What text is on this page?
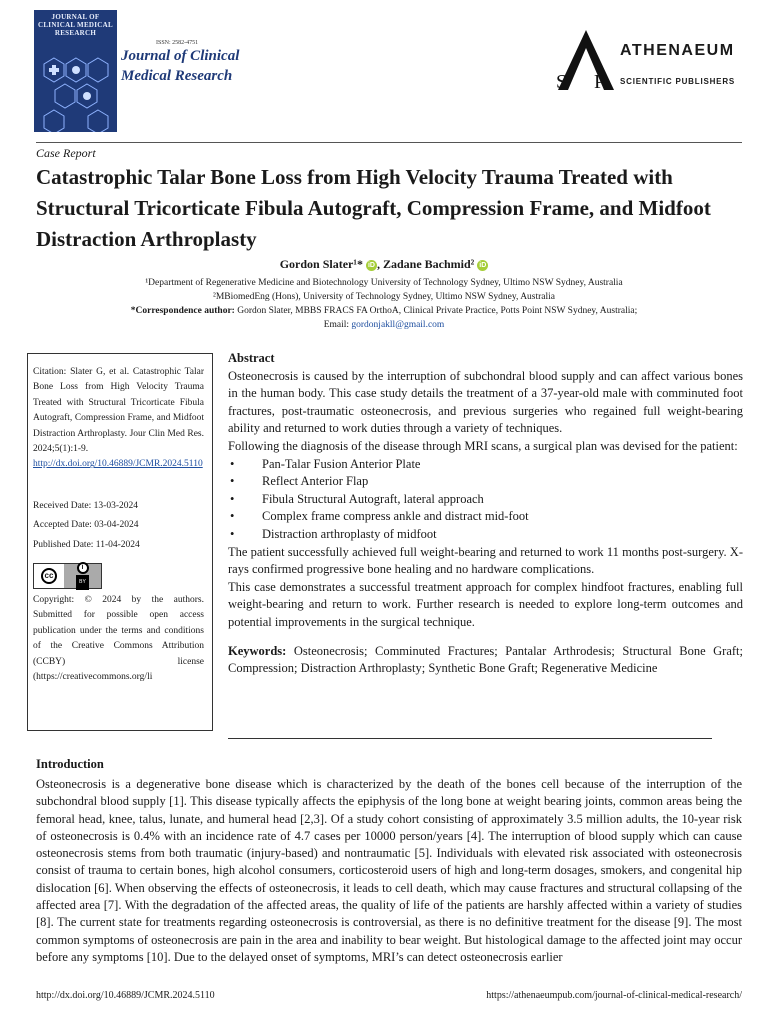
JOURNAL OF CLINICAL MEDICAL RESEARCH
ISSN: 2582-4751
Journal of Clinical
Medical Research	S P
ATHENAEUM
SCIENTIFIC PUBLISHERS
Case Report
Catastrophic Talar Bone Loss from High Velocity Trauma Treated with Structural Tricorticate Fibula Autograft, Compression Frame, and Midfoot Distraction Arthroplasty
Gordon Slater¹* iD , Zadane Bachmid² iD
¹Department of Regenerative Medicine and Biotechnology University of Technology Sydney, Ultimo NSW Sydney, Australia
²MBiomedEng (Hons), University of Technology Sydney, Ultimo NSW Sydney, Australia
*Correspondence author: Gordon Slater, MBBS FRACS FA OrthoA, Clinical Private Practice, Potts Point NSW Sydney, Australia;
Email: gordonjakll@gmail.com
Citation: Slater G, et al. Catastrophic Talar Bone Loss from High Velocity Trauma Treated with Structural Tricorticate Fibula Autograft, Compression Frame, and Midfoot Distraction Arthroplasty. Jour Clin Med Res. 2024;5(1):1-9.
http://dx.doi.org/10.46889/JCMR.2024.5110
Received Date: 13-03-2024
Accepted Date: 03-04-2024
Published Date: 11-04-2024
cc
i
BY
Copyright: © 2024 by the authors. Submitted for possible open access publication under the terms and conditions of the Creative Commons Attribution (CCBY) license (https://creativecommons.org/li
Abstract

Osteonecrosis is caused by the interruption of subchondral blood supply and can affect various bones in the human body. This case study details the treatment of a 37-year-old male with comminuted foot fractures, post-traumatic osteonecrosis, and previous surgeries who regained full weight-bearing ability and returned to work duties through a variety of techniques.

Following the diagnosis of the disease through MRI scans, a surgical plan was devised for the patient:

• Pan-Talar Fusion Anterior Plate
• Reflect Anterior Flap
• Fibula Structural Autograft, lateral approach
• Complex frame compress ankle and distract mid-foot
• Distraction arthroplasty of midfoot

The patient successfully achieved full weight-bearing and returned to work 11 months post-surgery. X-rays confirmed progressive bone healing and no hardware complications.

This case demonstrates a successful treatment approach for complex hindfoot fractures, enabling full weight-bearing and return to work. Further research is needed to explore long-term outcomes and potential improvements in the surgical technique.

Keywords: Osteonecrosis; Comminuted Fractures; Pantalar Arthrodesis; Structural Bone Graft; Compression; Distraction Arthroplasty; Synthetic Bone Graft; Regenerative Medicine

Introduction
Osteonecrosis is a degenerative bone disease which is characterized by the death of the bones cell because of the interruption of the subchondral blood supply [1]. This disease typically affects the epiphysis of the long bone at weight bearing joints, common areas being the femoral head, knee, talus, lunate, and humeral head [2,3]. Of a study cohort consisting of approximately 3.5 million adults, the 10-year risk of osteonecrosis is 0.4% with an incidence rate of 4.7 cases per 10000 person/years [4]. The interruption of blood supply which can cause osteonecrosis stems from both traumatic (injury-based) and nontraumatic [5]. Individuals with elevated risk associated with osteonecrosis consist of trauma to certain bones, high alcohol consumers, corticosteroid users of high and long-term dosages, smokers, and congenital hip dislocation [6]. When observing the effects of osteonecrosis, it leads to cell death, which may cause fractures and structural collapsing of the affected area [7]. With the degradation of the affected areas, the quality of life of the patients are harshly affected within a variety of studies [8]. The current state for treatments regarding osteonecrosis is controversial, as there is no definitive treatment for the disease [9]. The most common symptoms of osteonecrosis are pain in the area and inability to bear weight. But histological damage to the affected joint may occur before any symptoms [10]. Due to the delayed onset of symptoms, MRI’s can detect osteonecrosis earlier
http://dx.doi.org/10.46889/JCMR.2024.5110	https://athenaeumpub.com/journal-of-clinical-medical-research/
